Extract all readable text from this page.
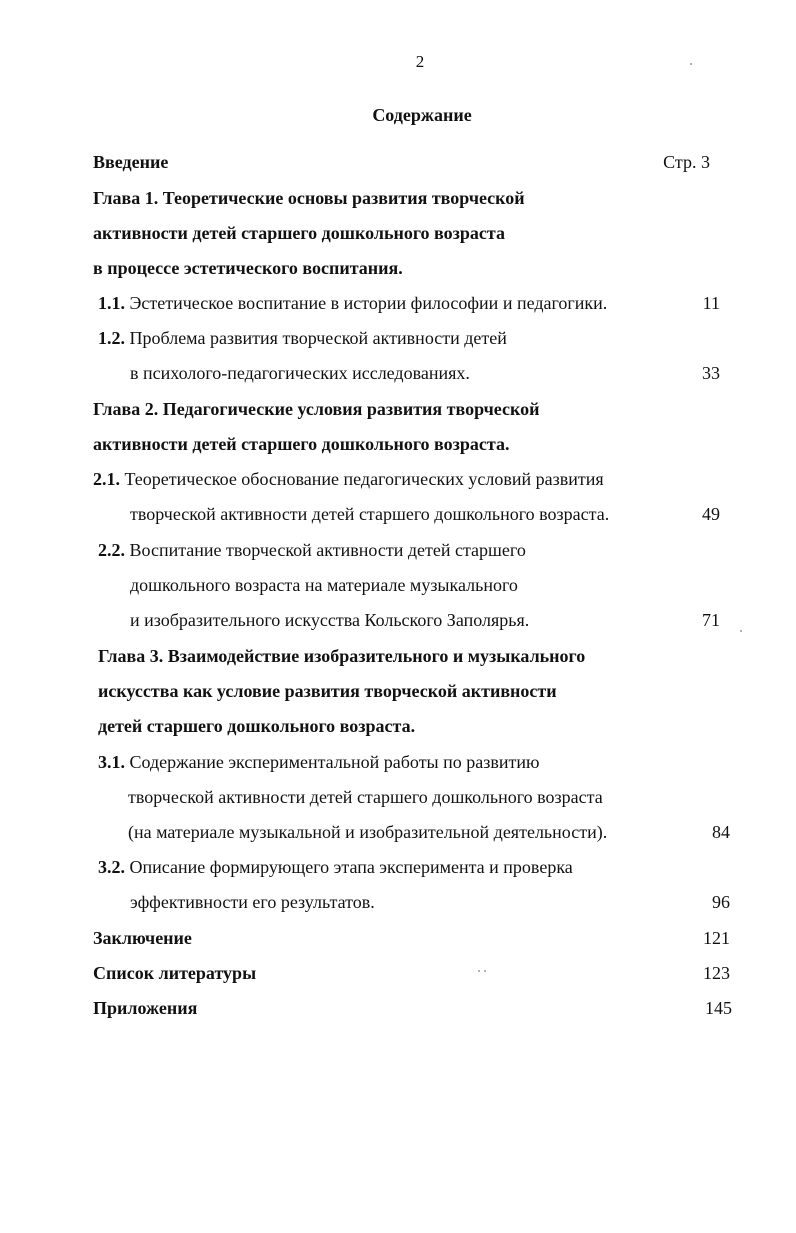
2
Содержание
Введение	Стр. 3
Глава 1. Теоретические основы развития творческой
активности детей старшего дошкольного возраста
в процессе эстетического воспитания.
1.1. Эстетическое воспитание в истории философии и педагогики.	11
1.2. Проблема развития творческой активности детей
в психолого-педагогических исследованиях.	33
Глава 2. Педагогические условия развития творческой
активности детей старшего дошкольного возраста.
2.1. Теоретическое обоснование педагогических условий развития
творческой активности детей старшего дошкольного возраста.	49
2.2. Воспитание творческой активности детей старшего
дошкольного возраста на материале музыкального
и изобразительного искусства Кольского Заполярья.	71
Глава 3. Взаимодействие изобразительного и музыкального
искусства как условие развития творческой активности
детей старшего дошкольного возраста.
3.1. Содержание экспериментальной работы по развитию
творческой активности детей старшего дошкольного возраста
(на материале музыкальной и изобразительной деятельности).	84
3.2. Описание формирующего этапа эксперимента и проверка
эффективности его результатов.	96
Заключение	121
Список литературы	123
Приложения	145
